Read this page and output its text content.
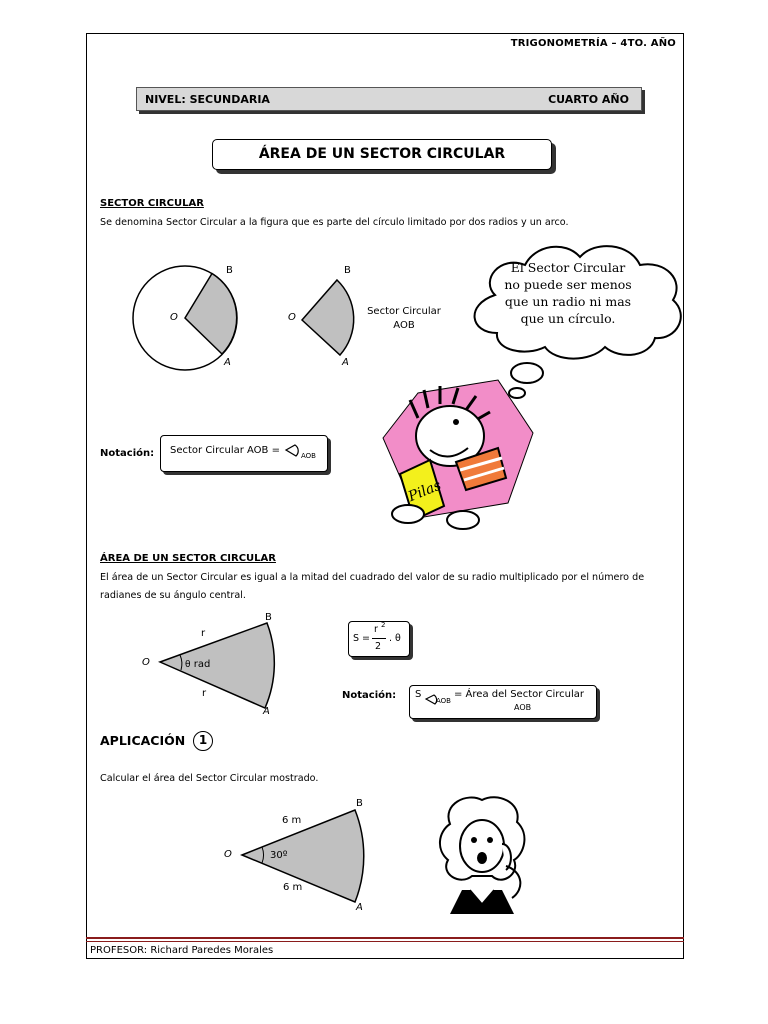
TRIGONOMETRÍA – 4TO. AÑO
NIVEL: SECUNDARIA	CUARTO AÑO
ÁREA DE UN SECTOR CIRCULAR
SECTOR CIRCULAR
Se denomina Sector Circular a la figura que es parte del círculo limitado por dos radios y un arco.
O
B
A
O
B
A
Sector Circular
AOB
El Sector Circular
no puede ser menos
que un radio ni mas
que un círculo.
Pilas
Notación: Sector Circular AOB =	AOB
ÁREA DE UN SECTOR CIRCULAR
El área de un Sector Circular es igual a la mitad del cuadrado del valor de su radio multiplicado por el número de
radianes de su ángulo central.
O
B
A
r
r
θ rad
S =
r 2
2
. θ
Notación: S
AOB
= Área del Sector Circular
AOB
APLICACIÓN	1
Calcular el área del Sector Circular mostrado.
O
B
A
6 m
6 m
30º
PROFESOR: Richard Paredes Morales
